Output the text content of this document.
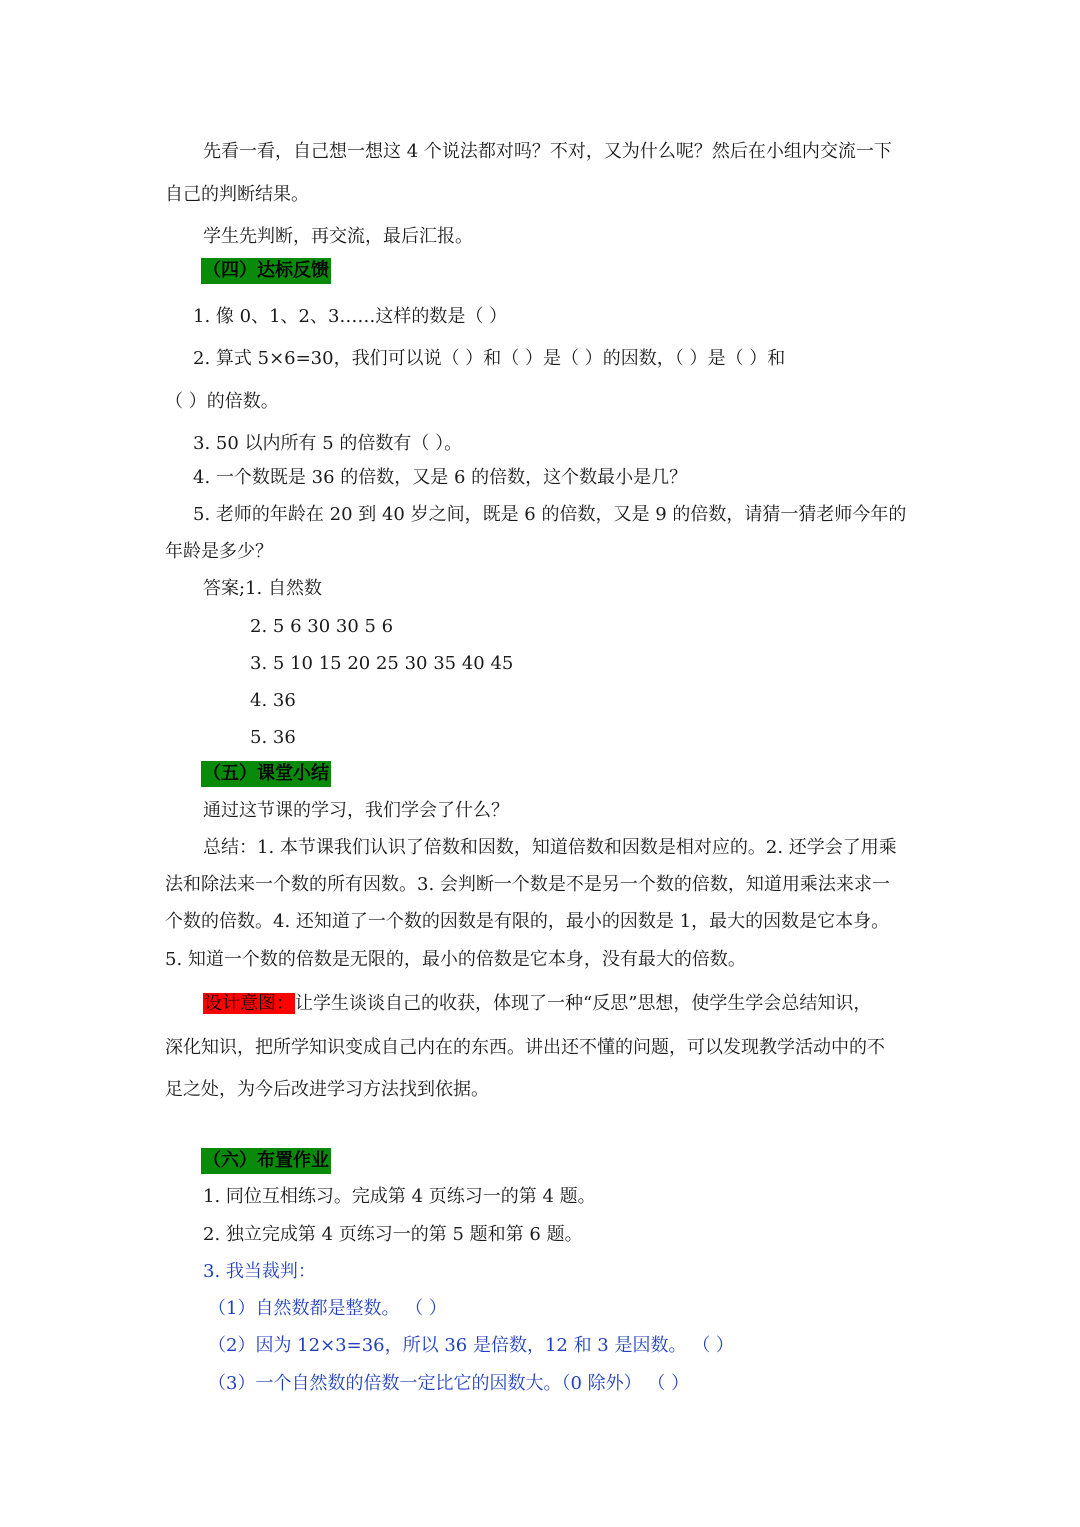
先看一看，自己想一想这 4 个说法都对吗？不对，又为什么呢？然后在小组内交流一下
自己的判断结果。
学生先判断，再交流，最后汇报。
（四）达标反馈
1. 像 0、1、2、3……这样的数是（ ）
2. 算式 5×6=30，我们可以说（ ）和（ ）是（ ）的因数，（ ）是（ ）和
（ ）的倍数。
3. 50 以内所有 5 的倍数有（ ）。
4. 一个数既是 36 的倍数，又是 6 的倍数，这个数最小是几？
5. 老师的年龄在 20 到 40 岁之间，既是 6 的倍数，又是 9 的倍数，请猜一猜老师今年的
年龄是多少？
答案;1. 自然数
2. 5 6 30 30 5 6
3. 5 10 15 20 25 30 35 40 45
4. 36
5. 36
（五）课堂小结
通过这节课的学习，我们学会了什么？
总结：1. 本节课我们认识了倍数和因数，知道倍数和因数是相对应的。2. 还学会了用乘
法和除法来一个数的所有因数。3. 会判断一个数是不是另一个数的倍数，知道用乘法来求一
个数的倍数。4. 还知道了一个数的因数是有限的，最小的因数是 1，最大的因数是它本身。
5. 知道一个数的倍数是无限的，最小的倍数是它本身，没有最大的倍数。
设计意图：让学生谈谈自己的收获，体现了一种“反思”思想，使学生学会总结知识，
深化知识，把所学知识变成自己内在的东西。讲出还不懂的问题，可以发现教学活动中的不
足之处，为今后改进学习方法找到依据。
（六）布置作业
1. 同位互相练习。完成第 4 页练习一的第 4 题。
2. 独立完成第 4 页练习一的第 5 题和第 6 题。
3. 我当裁判：
（1）自然数都是整数。 （ ）
（2）因为 12×3=36，所以 36 是倍数，12 和 3 是因数。 （ ）
（3）一个自然数的倍数一定比它的因数大。（0 除外） （ ）
